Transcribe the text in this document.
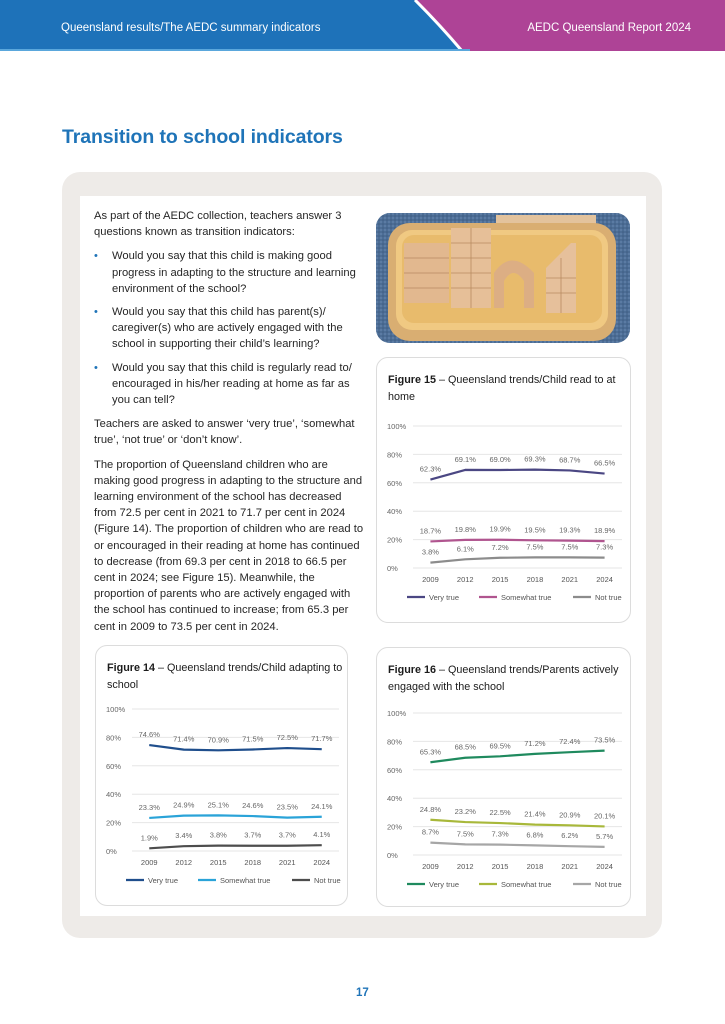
Queensland results/The AEDC summary indicators	AEDC Queensland Report 2024
Transition to school indicators

As part of the AEDC collection, teachers answer 3 questions known as transition indicators:

• Would you say that this child is making good progress in adapting to the structure and learning environment of the school?
• Would you say that this child has parent(s)/ caregiver(s) who are actively engaged with the school in supporting their child’s learning?
• Would you say that this child is regularly read to/ encouraged in his/her reading at home as far as you can tell?

Teachers are asked to answer ‘very true’, ‘somewhat true’, ‘not true’ or ‘don’t know’.

The proportion of Queensland children who are making good progress in adapting to the structure and learning environment of the school has decreased from 72.5 per cent in 2021 to 71.7 per cent in 2024 (Figure 14). The proportion of children who are read to or encouraged in their reading at home has continued to decrease (from 69.3 per cent in 2018 to 66.5 per cent in 2024; see Figure 15). Meanwhile, the proportion of parents who are actively engaged with the school has continued to increase; from 65.3 per cent in 2009 to 73.5 per cent in 2024.

Figure 15 – Queensland trends/Child read to at home
0%
20%
40%
60%
80%
100%
2009 2012 2015 2018 2021 2024
62.3%
69.1% 69.0% 69.3% 68.7% 66.5%
18.7% 19.8% 19.9% 19.5% 19.3% 18.9%
3.8% 6.1% 7.2% 7.5% 7.5% 7.3%
Very true	Somewhat true	Not true
Figure 14 – Queensland trends/Child adapting to school
0%
20%
40%
60%
80%
100%
2009 2012 2015 2018 2021 2024
74.6%
71.4% 70.9% 71.5% 72.5% 71.7%
23.3% 24.9% 25.1% 24.6% 23.5% 24.1%
1.9% 3.4% 3.8% 3.7% 3.7% 4.1%
Very true	Somewhat true	Not true
Figure 16 – Queensland trends/Parents actively engaged with the school
0%
20%
40%
60%
80%
100%
2009 2012 2015 2018 2021 2024
65.3%
68.5% 69.5% 71.2% 72.4% 73.5%
24.8% 23.2% 22.5% 21.4% 20.9% 20.1%
8.7% 7.5% 7.3% 6.8% 6.2% 5.7%
Very true	Somewhat true	Not true
17
